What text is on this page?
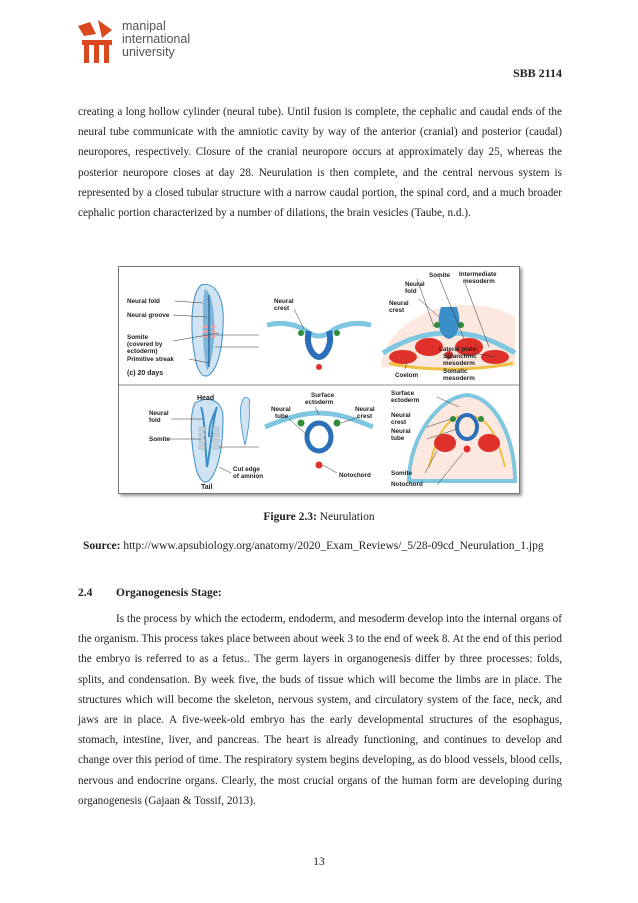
manipal
international
university
SBB 2114

creating a long hollow cylinder (neural tube). Until fusion is complete, the cephalic and caudal ends of the neural tube communicate with the amniotic cavity by way of the anterior (cranial) and posterior (caudal) neuropores, respectively. Closure of the cranial neuropore occurs at approximately day 25, whereas the posterior neuropore closes at day 28. Neurulation is then complete, and the central nervous system is represented by a closed tubular structure with a narrow caudal portion, the spinal cord, and a much broader cephalic portion characterized by a number of dilations, the brain vesicles (Taube, n.d.).

Neural fold
Neural groove
Somite
(covered by
ectoderm)
Primitive streak
(c) 20 days
Neural
crest
Somite Intermediate
mesoderm
Neural
fold
Neural
crest
Coelom
Lateral plate:
Splanchnic
mesoderm
Somatic
mesoderm
Head
Tail
Neural
fold
Somite
Cut edge
of amnion
Surface
ectoderm
Neural
tube
Neural
crest
Notochord
Surface
ectoderm
Neural
crest
Neural
tube
Somite
Notochord
Figure 2.3: Neurulation
Source: http://www.apsubiology.org/anatomy/2020_Exam_Reviews/_5/28-09cd_Neurulation_1.jpg
2.4 Organogenesis Stage:

Is the process by which the ectoderm, endoderm, and mesoderm develop into the internal organs of the organism. This process takes place between about week 3 to the end of week 8. At the end of this period the embryo is referred to as a fetus.. The germ layers in organogenesis differ by three processes: folds, splits, and condensation. By week five, the buds of tissue which will become the limbs are in place. The structures which will become the skeleton, nervous system, and circulatory system of the face, neck, and jaws are in place. A five-week-old embryo has the early developmental structures of the esophagus, stomach, intestine, liver, and pancreas. The heart is already functioning, and continues to develop and change over this period of time. The respiratory system begins developing, as do blood vessels, blood cells, nervous and endocrine organs. Clearly, the most crucial organs of the human form are developing during organogenesis (Gajaan & Tossif, 2013).

13
